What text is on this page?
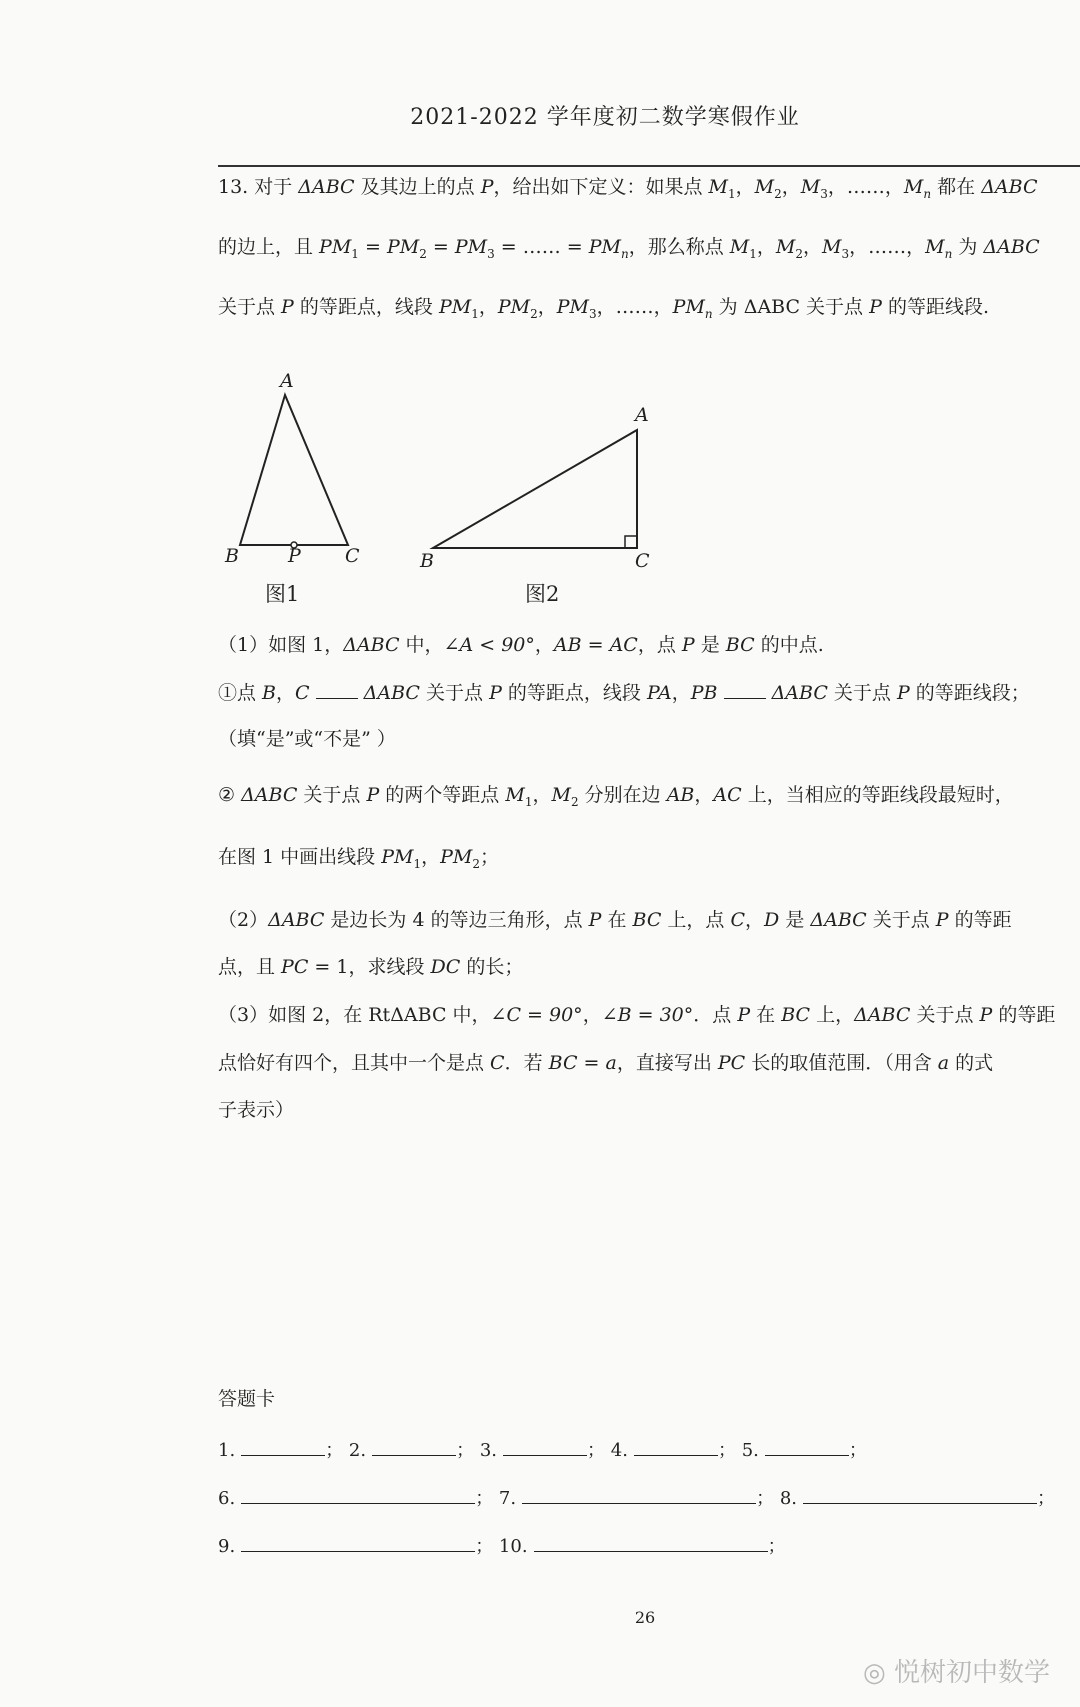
2021-2022 学年度初二数学寒假作业
13. 对于 ΔABC 及其边上的点 P，给出如下定义：如果点 $M_1$，$M_2$，$M_3$，……，$M_n$ 都在 ΔABC
的边上，且 $PM_1 = PM_2 = PM_3$ = …… = $PM_n$，那么称点 $M_1$，$M_2$，$M_3$，……，$M_n$ 为 ΔABC
关于点 P 的等距点，线段 $PM_1$，$PM_2$，$PM_3$，……，$PM_n$ 为 ΔABC 关于点 P 的等距线段.
A
B	P C
A
B	C
图1	图2
（1）如图 1，ΔABC 中，∠A < 90°，AB = AC，点 P 是 BC 的中点.
①点 B，C	ΔABC 关于点 P 的等距点，线段 PA，PB	ΔABC 关于点 P 的等距线段；
（填“是”或“不是” ）
② ΔABC 关于点 P 的两个等距点 $M_1$，$M_2$ 分别在边 AB，AC 上，当相应的等距线段最短时，
在图 1 中画出线段 $PM_1$，$PM_2$；
（2）ΔABC 是边长为 4 的等边三角形，点 P 在 BC 上，点 C，D 是 ΔABC 关于点 P 的等距
点，且 PC = 1，求线段 DC 的长；
（3）如图 2，在 RtΔABC 中，∠C = 90°，∠B = 30°．点 P 在 BC 上，ΔABC 关于点 P 的等距
点恰好有四个，且其中一个是点 C．若 BC = a，直接写出 PC 长的取值范围．（用含 a 的式
子表示）
答题卡
1.	； 2.	； 3.	； 4.	； 5.	；
6.	； 7.	； 8.	；
9.	； 10.	；
26
◎ 悦树初中数学
